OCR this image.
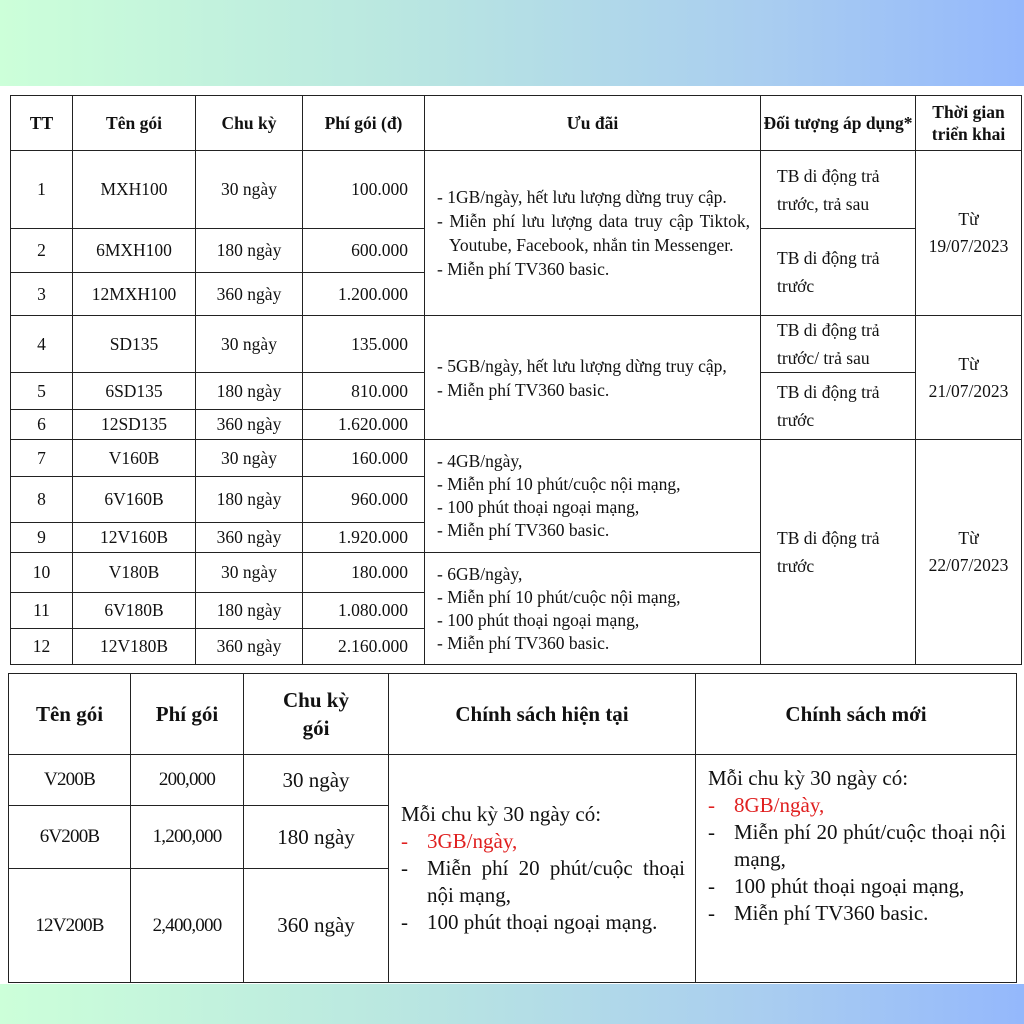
TT	Tên gói	Chu kỳ	Phí gói (đ)	Ưu đãi	Đối tượng áp dụng*	Thời gian triển khai
1	MXH100	30 ngày	100.000	- 1GB/ngày, hết lưu lượng dừng truy cập.
- Miễn phí lưu lượng data truy cập Tiktok, Youtube, Facebook, nhắn tin Messenger.
- Miễn phí TV360 basic.	TB di động trả trước, trả sau	Từ
19/07/2023

2	6MXH100	180 ngày	600.000		TB di động trả trước	
3	12MXH100	360 ngày	1.200.000			
4	SD135	30 ngày	135.000	- 5GB/ngày, hết lưu lượng dừng truy cập,
- Miễn phí TV360 basic.	TB di động trả trước/ trả sau	Từ
21/07/2023

5	6SD135	180 ngày	810.000		TB di động trả trước	
6	12SD135	360 ngày	1.620.000			
7	V160B	30 ngày	160.000	- 4GB/ngày,
- Miễn phí 10 phút/cuộc nội mạng,
- 100 phút thoại ngoại mạng,
- Miễn phí TV360 basic.	TB di động trả trước	Từ
22/07/2023

8	6V160B	180 ngày	960.000			
9	12V160B	360 ngày	1.920.000			
10	V180B	30 ngày	180.000	- 6GB/ngày,
- Miễn phí 10 phút/cuộc nội mạng,
- 100 phút thoại ngoại mạng,
- Miễn phí TV360 basic.		

11	6V180B	180 ngày	1.080.000			
12	12V180B	360 ngày	2.160.000			
Tên gói	Phí gói	Chu kỳ gói	Chính sách hiện tại	Chính sách mới
V200B	200,000	30 ngày	Mỗi chu kỳ 30 ngày có:
- 3GB/ngày,
- Miễn phí 20 phút/cuộc thoại nội mạng,
- 100 phút thoại ngoại mạng.	Mỗi chu kỳ 30 ngày có:
- 8GB/ngày,
- Miễn phí 20 phút/cuộc thoại nội mạng,
- 100 phút thoại ngoại mạng,
- Miễn phí TV360 basic.

6V200B	1,200,000	180 ngày		
12V200B	2,400,000	360 ngày		
